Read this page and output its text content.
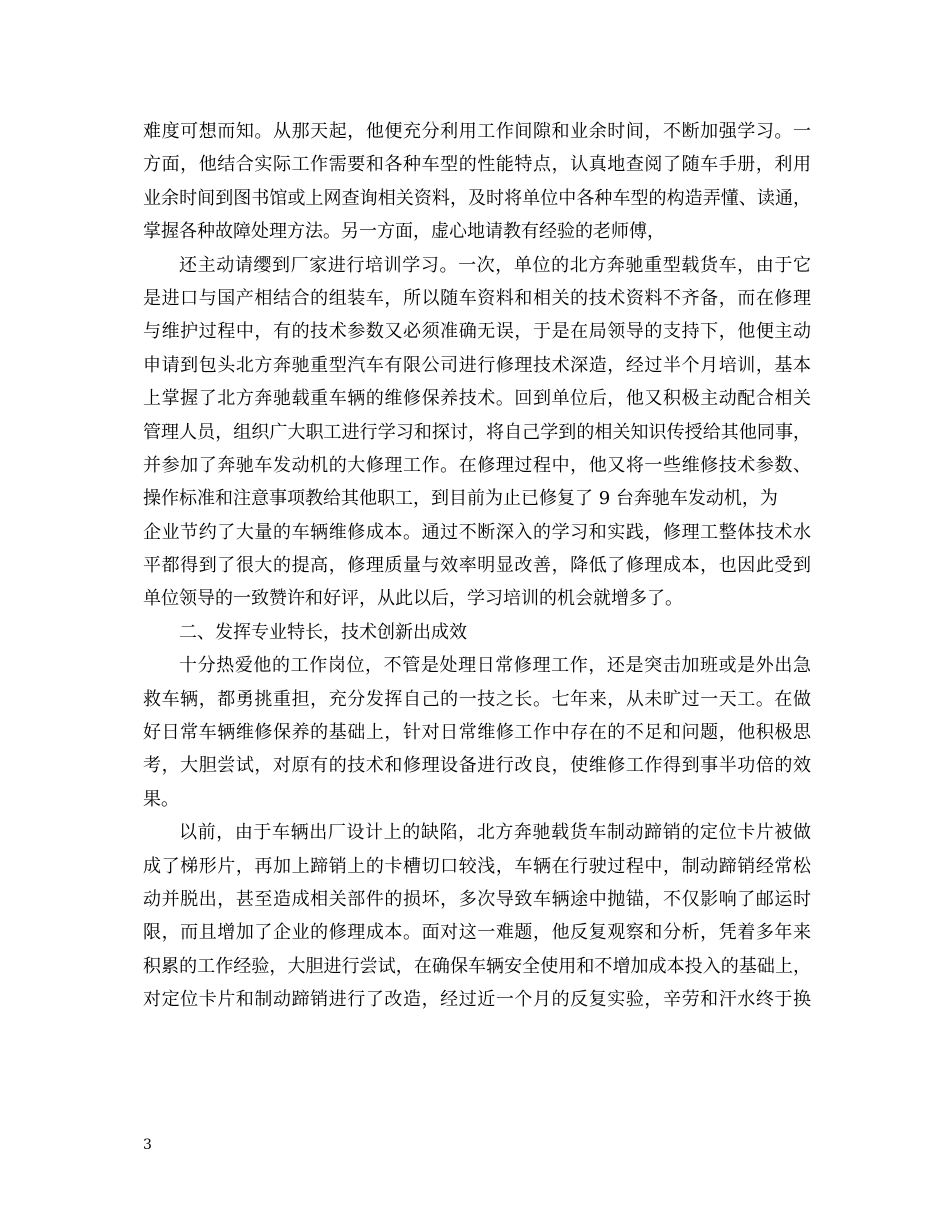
难度可想而知。从那天起，他便充分利用工作间隙和业余时间，不断加强学习。一
方面，他结合实际工作需要和各种车型的性能特点，认真地查阅了随车手册，利用
业余时间到图书馆或上网查询相关资料，及时将单位中各种车型的构造弄懂、读通，
掌握各种故障处理方法。另一方面，虚心地请教有经验的老师傅，
还主动请缨到厂家进行培训学习。一次，单位的北方奔驰重型载货车，由于它
是进口与国产相结合的组装车，所以随车资料和相关的技术资料不齐备，而在修理
与维护过程中，有的技术参数又必须准确无误，于是在局领导的支持下，他便主动
申请到包头北方奔驰重型汽车有限公司进行修理技术深造，经过半个月培训，基本
上掌握了北方奔驰载重车辆的维修保养技术。回到单位后，他又积极主动配合相关
管理人员，组织广大职工进行学习和探讨，将自己学到的相关知识传授给其他同事，
并参加了奔驰车发动机的大修理工作。在修理过程中，他又将一些维修技术参数、
操作标准和注意事项教给其他职工，到目前为止已修复了 9 台奔驰车发动机，为
企业节约了大量的车辆维修成本。通过不断深入的学习和实践，修理工整体技术水
平都得到了很大的提高，修理质量与效率明显改善，降低了修理成本，也因此受到
单位领导的一致赞许和好评，从此以后，学习培训的机会就增多了。
二、发挥专业特长，技术创新出成效
十分热爱他的工作岗位，不管是处理日常修理工作，还是突击加班或是外出急
救车辆，都勇挑重担，充分发挥自己的一技之长。七年来，从未旷过一天工。在做
好日常车辆维修保养的基础上，针对日常维修工作中存在的不足和问题，他积极思
考，大胆尝试，对原有的技术和修理设备进行改良，使维修工作得到事半功倍的效
果。
以前，由于车辆出厂设计上的缺陷，北方奔驰载货车制动蹄销的定位卡片被做
成了梯形片，再加上蹄销上的卡槽切口较浅，车辆在行驶过程中，制动蹄销经常松
动并脱出，甚至造成相关部件的损坏，多次导致车辆途中抛锚，不仅影响了邮运时
限，而且增加了企业的修理成本。面对这一难题，他反复观察和分析，凭着多年来
积累的工作经验，大胆进行尝试，在确保车辆安全使用和不增加成本投入的基础上，
对定位卡片和制动蹄销进行了改造，经过近一个月的反复实验，辛劳和汗水终于换
3
